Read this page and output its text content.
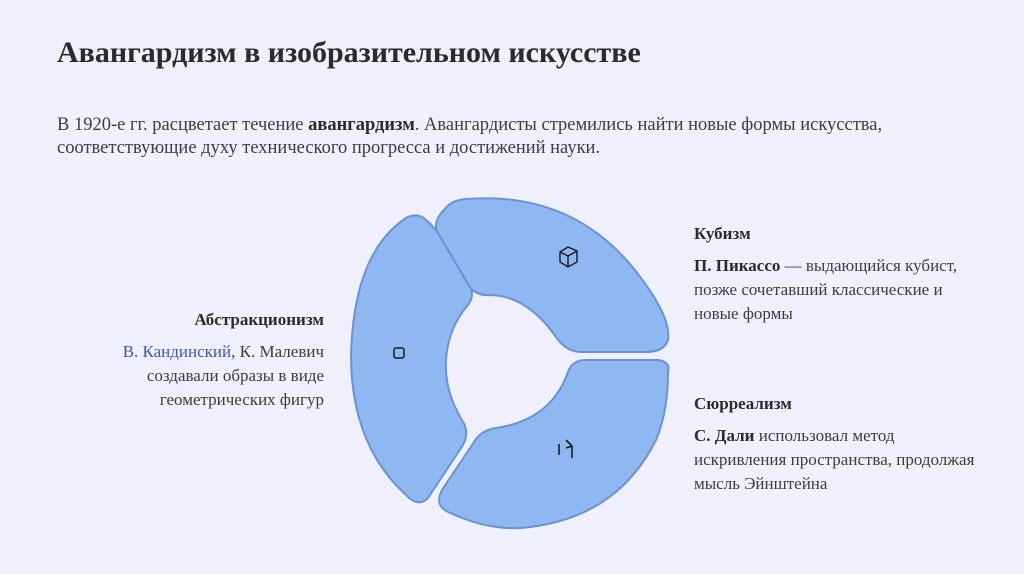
Авангардизм в изобразительном искусстве
В 1920-е гг. расцветает течение авангардизм. Авангардисты стремились найти новые формы искусства, соответствующие духу технического прогресса и достижений науки.
Абстракционизм
В. Кандинский, К. Малевич создавали образы в виде геометрических фигур
Кубизм
П. Пикассо — выдающийся кубист, позже сочетавший классические и новые формы
Сюрреализм
С. Дали использовал метод искривления пространства, продолжая мысль Эйнштейна
